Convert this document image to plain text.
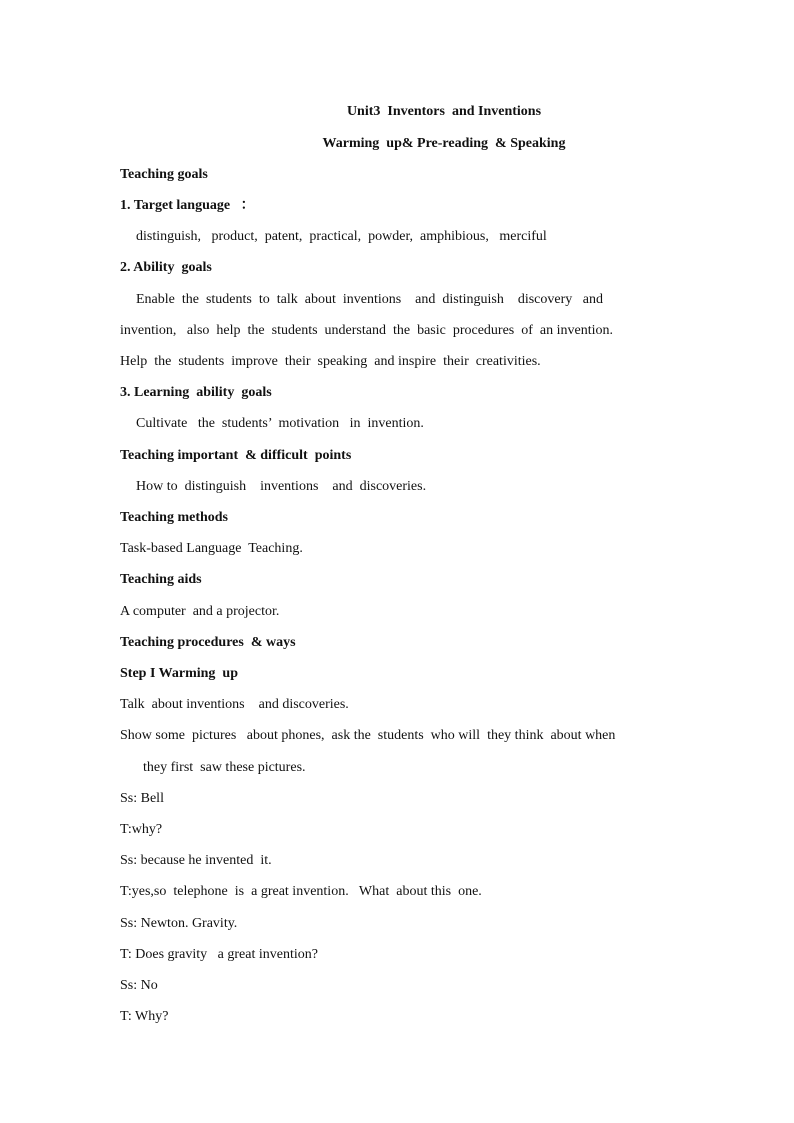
Unit3  Inventors  and Inventions
Warming  up& Pre-reading  & Speaking
Teaching goals
1. Target language   ：
distinguish,   product,  patent,  practical,  powder,  amphibious,   merciful
2. Ability  goals
Enable  the  students  to  talk  about  inventions    and  distinguish    discovery   and
invention,   also  help  the  students  understand  the  basic  procedures  of  an invention.
Help  the  students  improve  their  speaking  and inspire  their  creativities.
3. Learning  ability  goals
Cultivate   the  students’  motivation   in  invention.
Teaching important  & difficult  points
How to  distinguish    inventions    and  discoveries.
Teaching methods
Task-based Language  Teaching.
Teaching aids
A computer  and a projector.
Teaching procedures  & ways
Step I Warming  up
Talk  about inventions    and discoveries.
Show some  pictures   about phones,  ask the  students  who will  they think  about when
they first  saw these pictures.
Ss: Bell
T:why?
Ss: because he invented  it.
T:yes,so  telephone  is  a great invention.   What  about this  one.
Ss: Newton. Gravity.
T: Does gravity   a great invention?
Ss: No
T: Why?
